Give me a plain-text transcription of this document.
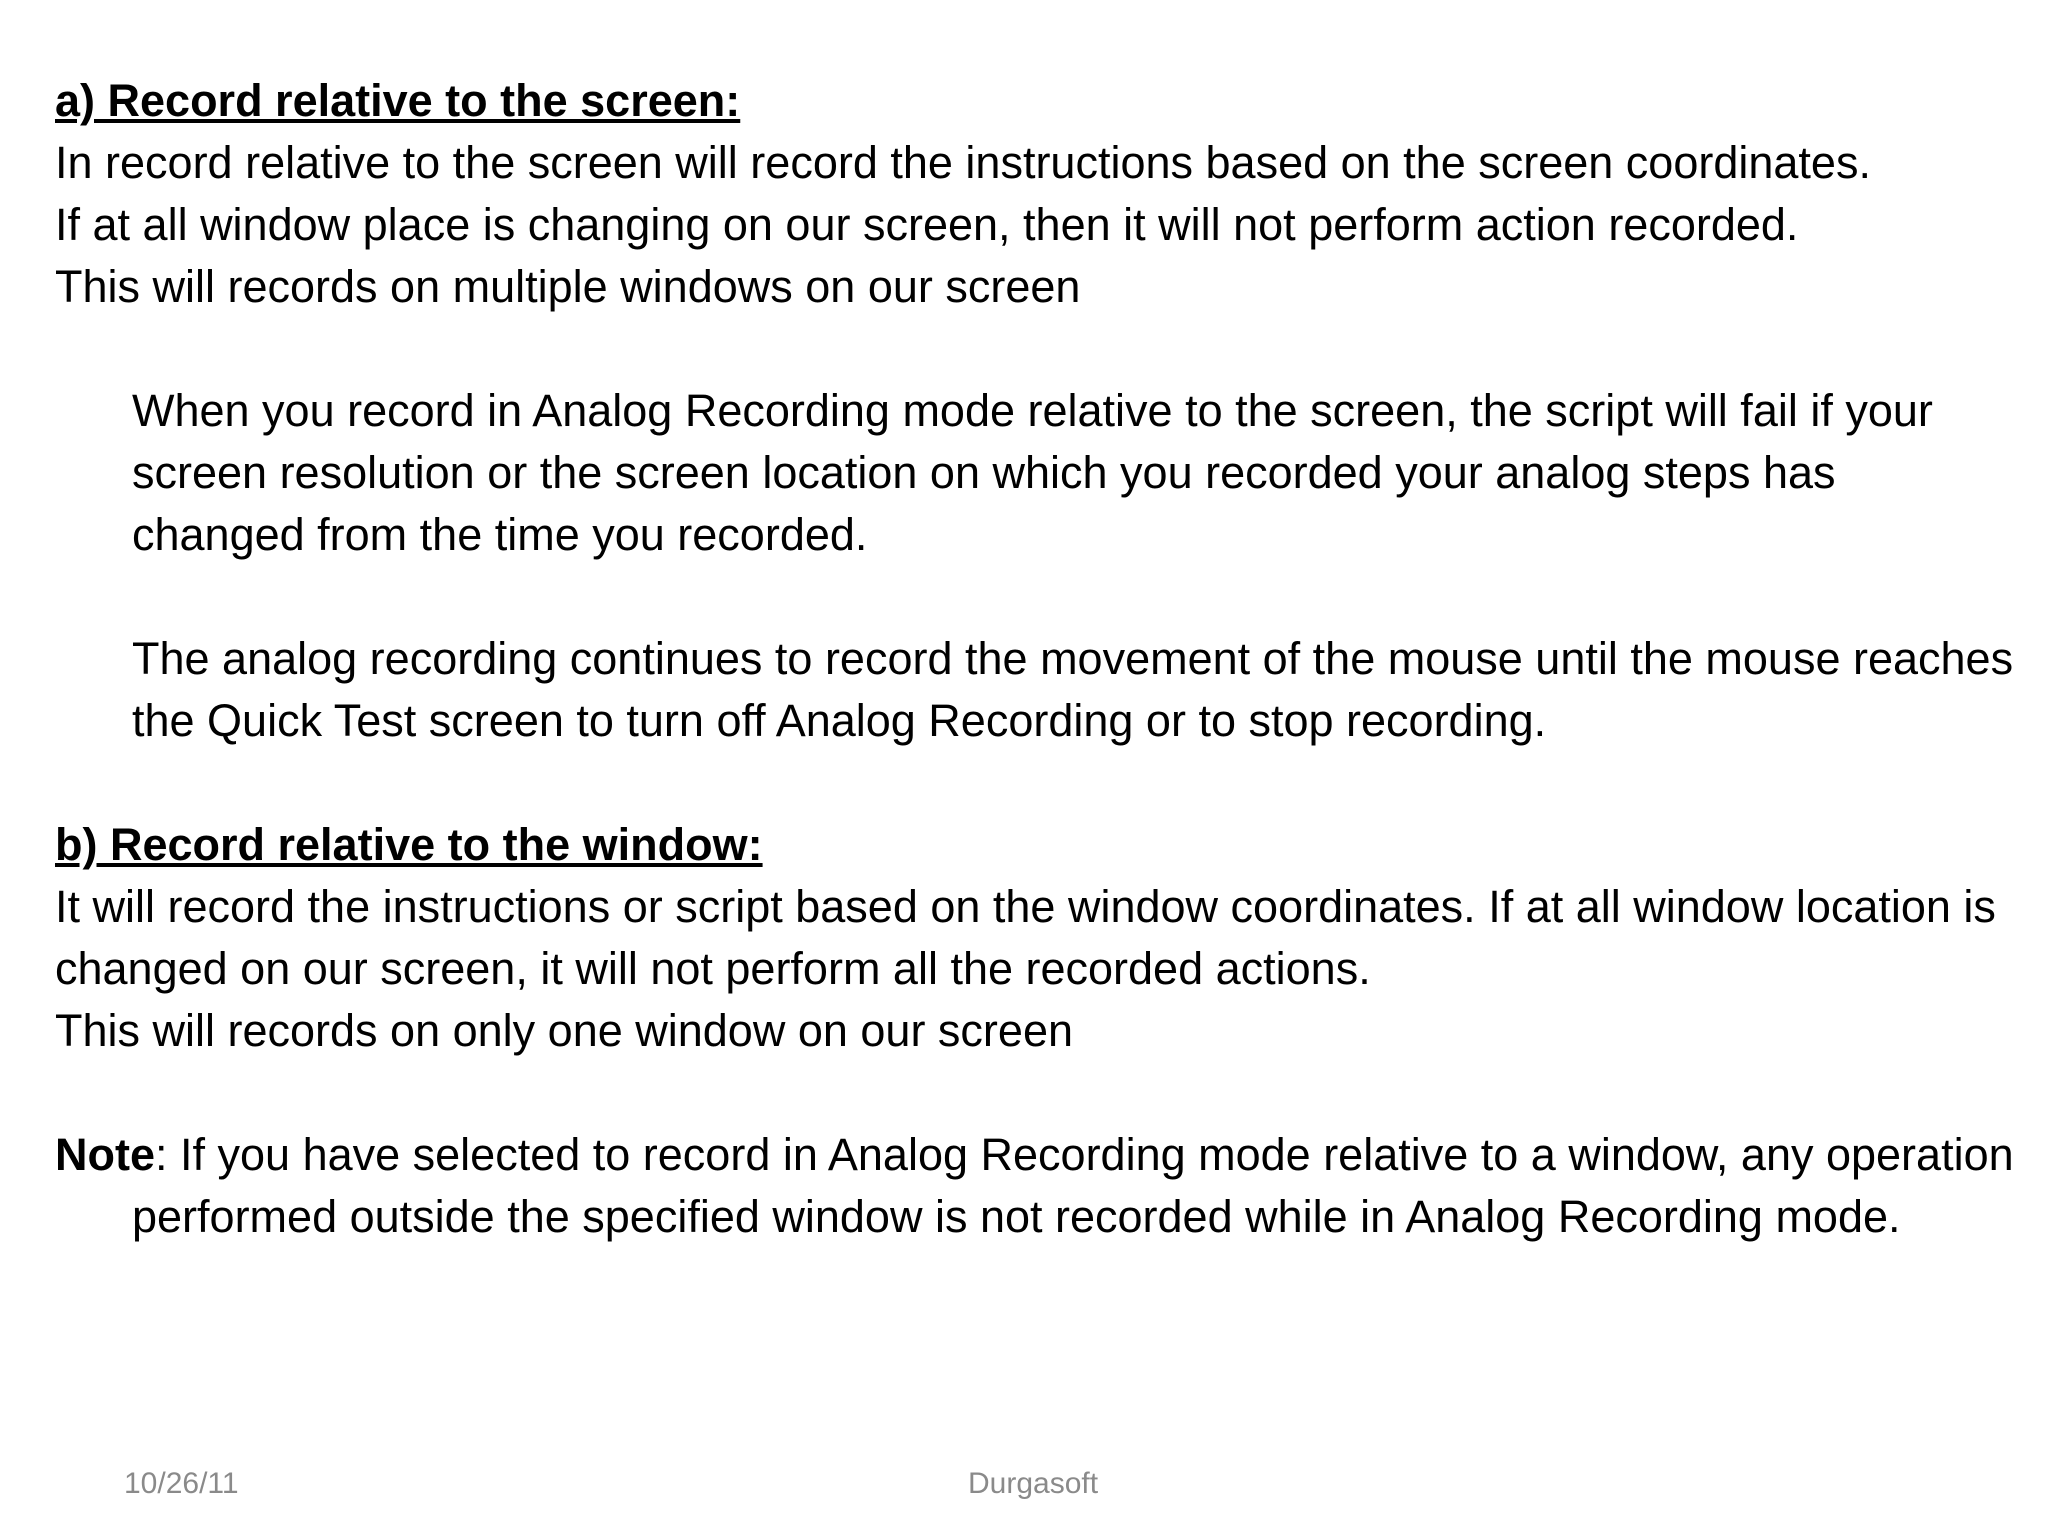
a) Record relative to the screen:

In record relative to the screen will record the instructions based on the screen coordinates.

If at all window place is changing on our screen, then it will not perform action recorded.

This will records on multiple windows on our screen

When you record in Analog Recording mode relative to the screen, the script will fail if your screen resolution or the screen location on which you recorded your analog steps has changed from the time you recorded.

The analog recording continues to record the movement of the mouse until the mouse reaches the Quick Test screen to turn off Analog Recording or to stop recording.

b) Record relative to the window:

It will record the instructions or script based on the window coordinates. If at all window location is changed on our screen, it will not perform all the recorded actions.

This will records on only one window on our screen

Note: If you have selected to record in Analog Recording mode relative to a window, any operation performed outside the specified window is not recorded while in Analog Recording mode.

10/26/11	Durgasoft
